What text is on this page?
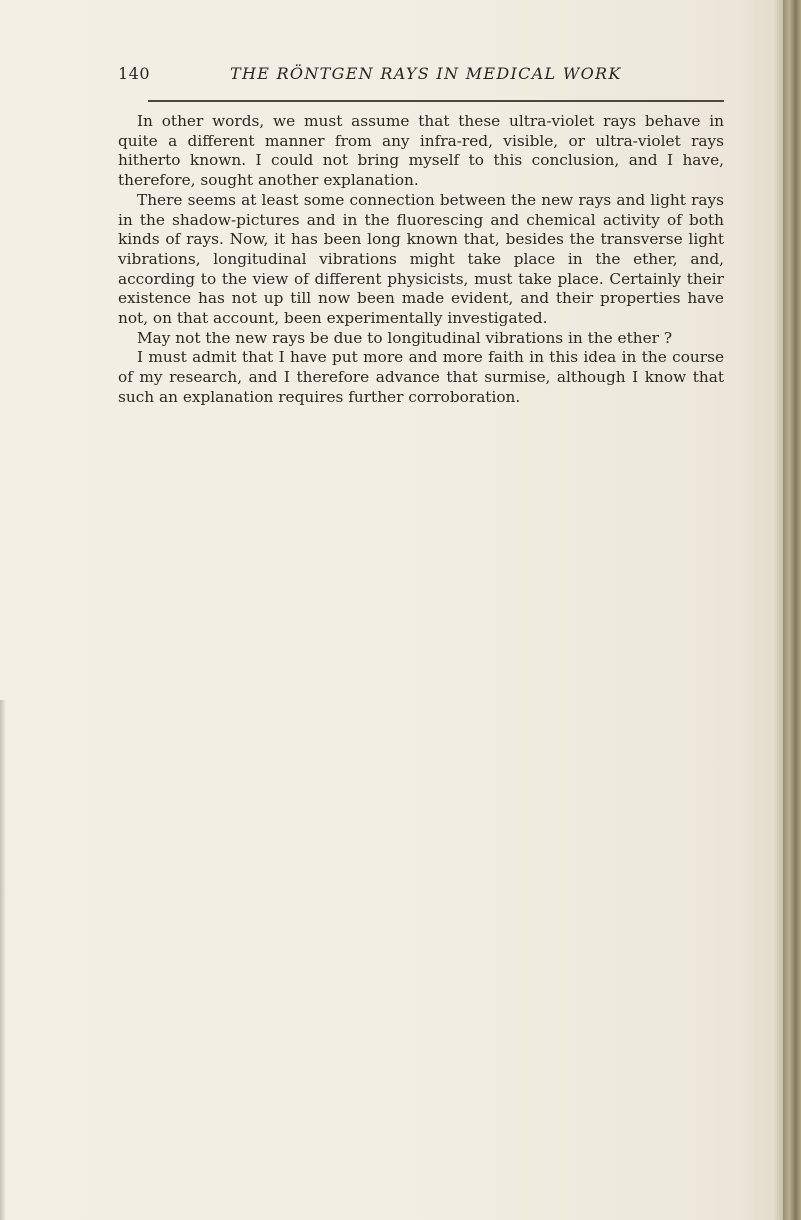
140	THE RÖNTGEN RAYS IN MEDICAL WORK

In other words, we must assume that these ultra-violet rays behave in quite a different manner from any infra-red, visible, or ultra-violet rays hitherto known. I could not bring myself to this conclusion, and I have, therefore, sought another explanation.

There seems at least some connection between the new rays and light rays in the shadow-pictures and in the fluorescing and chemical activity of both kinds of rays. Now, it has been long known that, besides the transverse light vibrations, longitudinal vibrations might take place in the ether, and, according to the view of different physicists, must take place. Certainly their existence has not up till now been made evident, and their properties have not, on that account, been experimentally investigated.

May not the new rays be due to longitudinal vibrations in the ether ?

I must admit that I have put more and more faith in this idea in the course of my research, and I therefore advance that surmise, although I know that such an explanation requires further corroboration.
